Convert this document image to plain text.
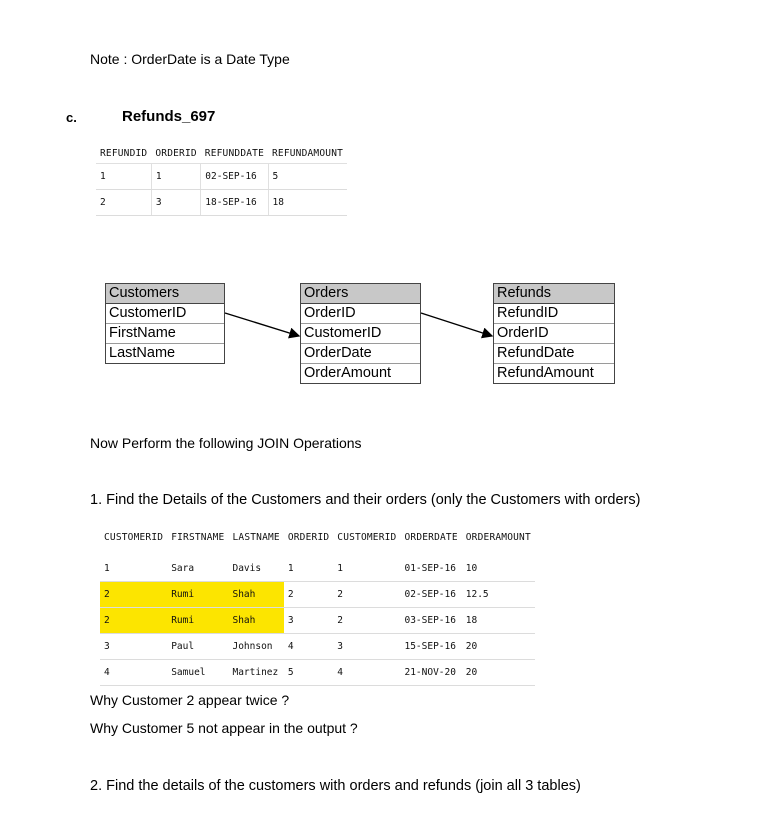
Note : OrderDate is a Date Type
c.	Refunds_697
REFUNDID	ORDERID	REFUNDDATE	REFUNDAMOUNT
1	1	02-SEP-16	5
2	3	18-SEP-16	18
Customers
CustomerID
FirstName
LastName
Orders
OrderID
CustomerID
OrderDate
OrderAmount
Refunds
RefundID
OrderID
RefundDate
RefundAmount
Now Perform the following JOIN Operations
1. Find the Details of the Customers and their orders (only the Customers with orders)
CUSTOMERID	FIRSTNAME	LASTNAME	ORDERID	CUSTOMERID	ORDERDATE	ORDERAMOUNT

1	Sara	Davis	1	1	01-SEP-16	10
2	Rumi	Shah	2	2	02-SEP-16	12.5
2	Rumi	Shah	3	2	03-SEP-16	18
3	Paul	Johnson	4	3	15-SEP-16	20
4	Samuel	Martinez	5	4	21-NOV-20	20
Why Customer 2 appear twice ?
Why Customer 5 not appear in the output ?
2. Find the details of the customers with orders and refunds (join all 3 tables)
